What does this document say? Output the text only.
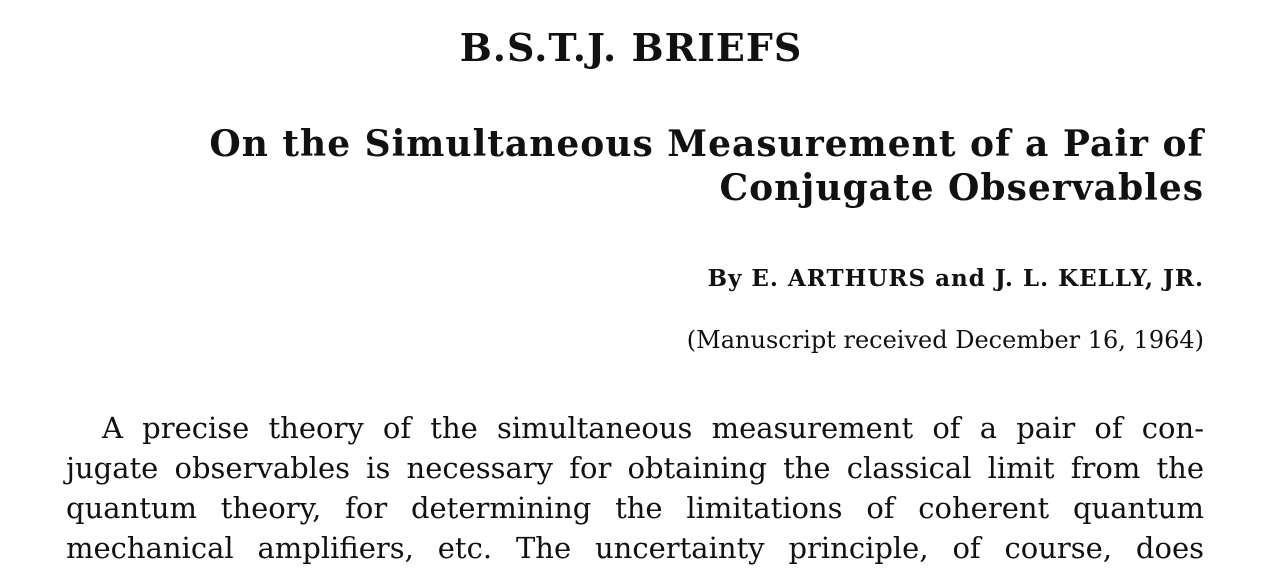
B.S.T.J. BRIEFS
On the Simultaneous Measurement of a Pair of
Conjugate Observables
By E. ARTHURS and J. L. KELLY, JR.
(Manuscript received December 16, 1964)
A precise theory of the simultaneous measurement of a pair of con-
jugate observables is necessary for obtaining the classical limit from the
quantum theory, for determining the limitations of coherent quantum
mechanical amplifiers, etc. The uncertainty principle, of course, does
